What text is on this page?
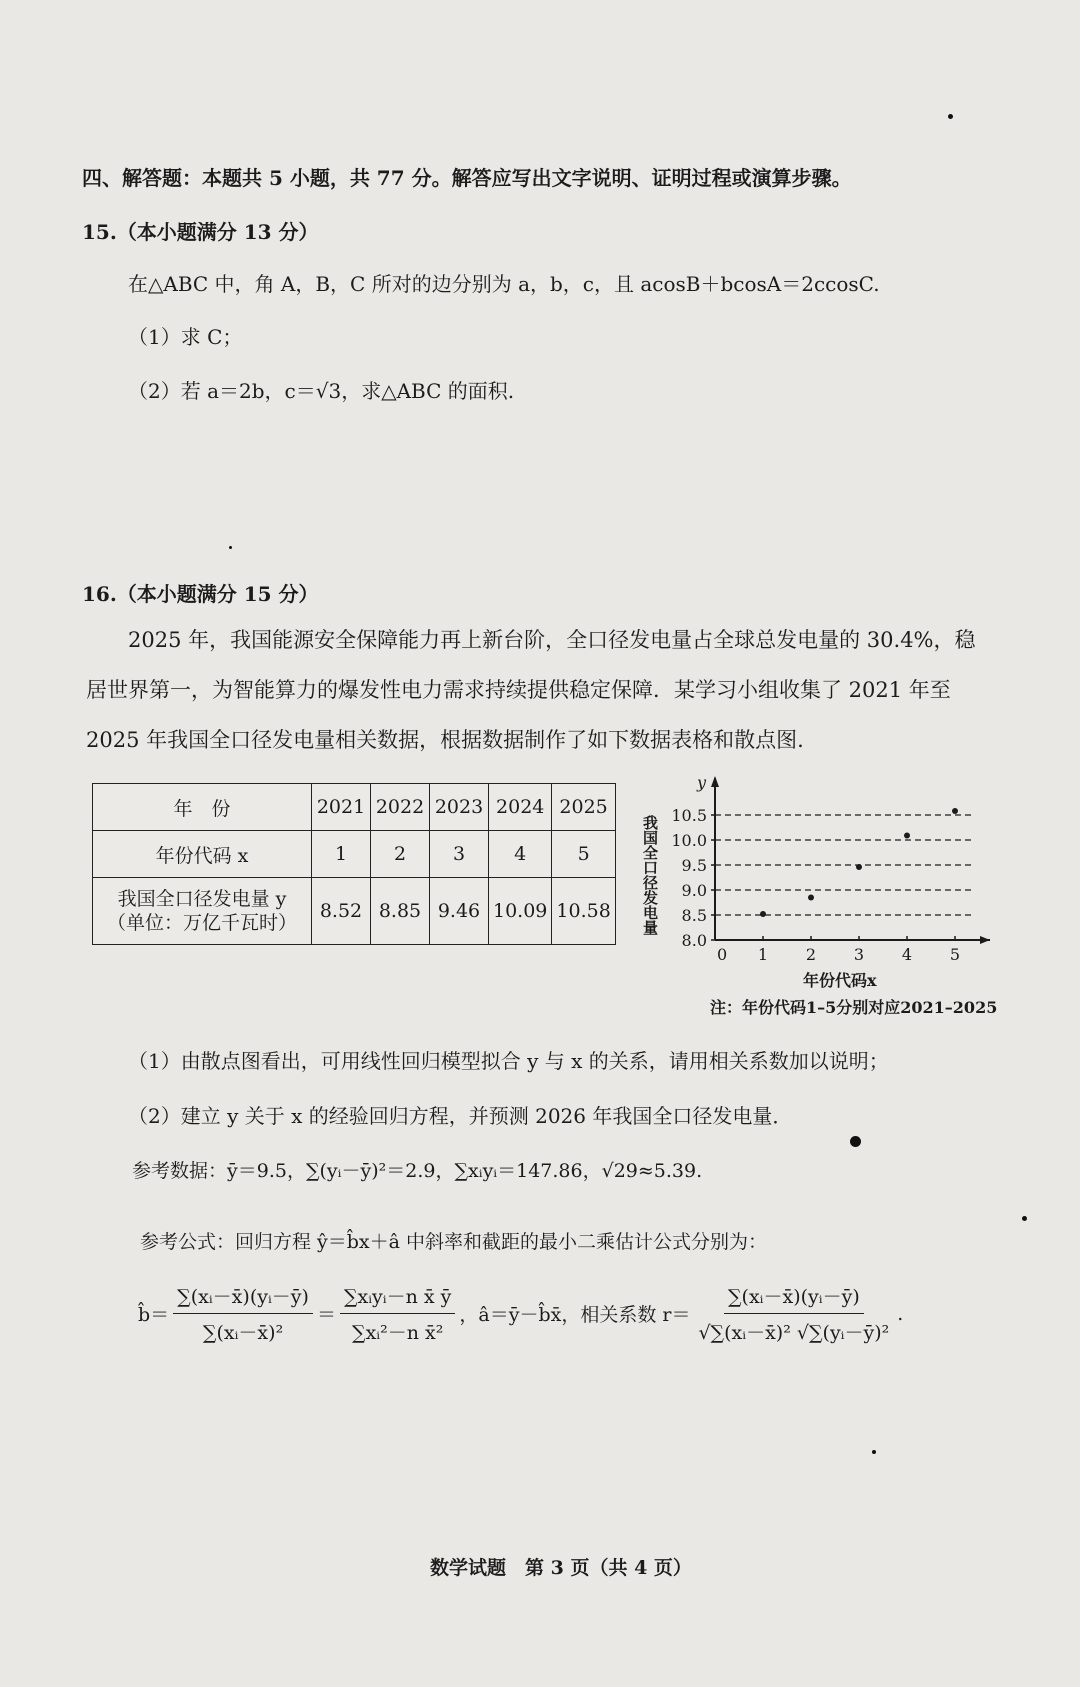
四、解答题：本题共 5 小题，共 77 分。解答应写出文字说明、证明过程或演算步骤。
15.（本小题满分 13 分）
在△ABC 中，角 A，B，C 所对的边分别为 a，b，c，且 acosB＋bcosA＝2ccosC.
（1）求 C；
（2）若 a＝2b，c＝√3，求△ABC 的面积.
16.（本小题满分 15 分）
2025 年，我国能源安全保障能力再上新台阶，全口径发电量占全球总发电量的 30.4%，稳
居世界第一，为智能算力的爆发性电力需求持续提供稳定保障．某学习小组收集了 2021 年至
2025 年我国全口径发电量相关数据，根据数据制作了如下数据表格和散点图.
年　份	2021	2022	2023	2024	2025
年份代码 x	1	2	3	4	5
我国全口径发电量 y
（单位：万亿千瓦时）	8.52	8.85	9.46	10.09	10.58
8.0
8.5
9.0
9.5
10.0
10.5
0 1 2 3 4 5
我国全口径发电量
y
年份代码x
注：年份代码1–5分别对应2021–2025
（1）由散点图看出，可用线性回归模型拟合 y 与 x 的关系，请用相关系数加以说明；
（2）建立 y 关于 x 的经验回归方程，并预测 2026 年我国全口径发电量．
参考数据：ȳ＝9.5，∑(yᵢ－ȳ)²＝2.9，∑xᵢyᵢ＝147.86，√29≈5.39.
参考公式：回归方程 ŷ＝b̂x＋â 中斜率和截距的最小二乘估计公式分别为：
b̂＝ $\frac{\text{∑(xᵢ－x̄)(yᵢ－ȳ)}}{\text{∑(xᵢ－x̄)²}} = \frac{\text{∑xᵢyᵢ－n x̄ ȳ}}{\text{∑xᵢ²－n x̄²}}$ ，â＝ȳ－b̂x̄，相关系数 $r= \frac{\text{∑(xᵢ－x̄)(yᵢ－ȳ)}}{\text{√∑(xᵢ－x̄)² √∑(yᵢ－ȳ)²}}$ .
数学试题　第 3 页（共 4 页）
